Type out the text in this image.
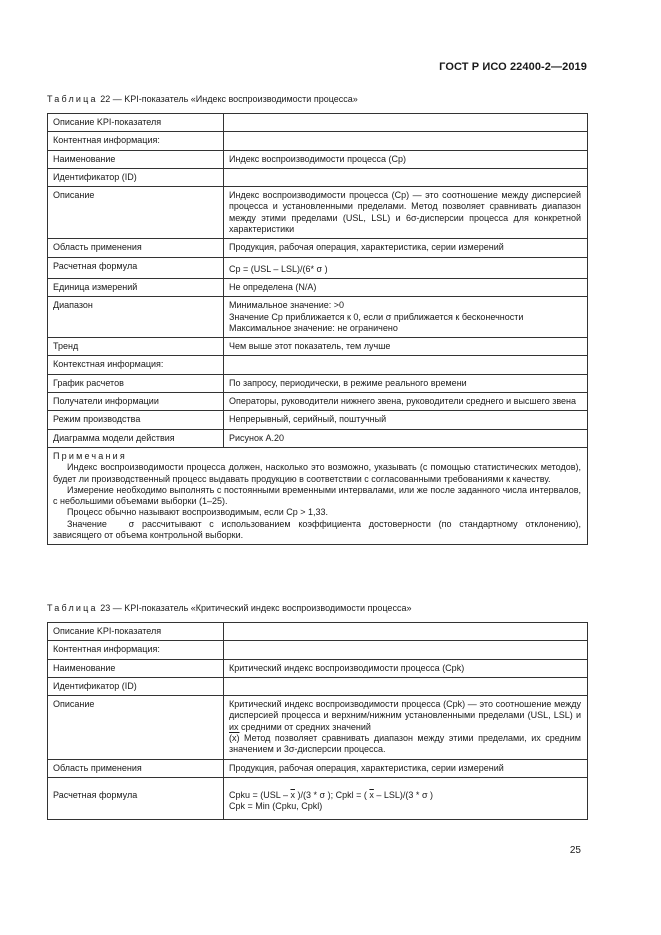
ГОСТ Р ИСО 22400-2—2019
Таблица 22 — KPI-показатель «Индекс воспроизводимости процесса»
Описание KPI-показателя	
Контентная информация:	
Наименование	Индекс воспроизводимости процесса (Cp)
Идентификатор (ID)	
Описание	Индекс воспроизводимости процесса (Cp) — это соотношение между дисперсией процесса и установленными пределами. Метод позволяет сравнивать диапазон между этими пределами (USL, LSL) и 6σ-дисперсии процесса для конкретной характеристики
Область применения	Продукция, рабочая операция, характеристика, серии измерений
Расчетная формула	Cp = (USL – LSL)/(6* σ )
Единица измерений	Не определена (N/A)
Диапазон	Минимальное значение: >0
Значение Cp приближается к 0, если σ приближается к бесконечности
Максимальное значение: не ограничено

Тренд	Чем выше этот показатель, тем лучше
Контекстная информация:	
График расчетов	По запросу, периодически, в режиме реального времени
Получатели информации	Операторы, руководители нижнего звена, руководители среднего и высшего звена
Режим производства	Непрерывный, серийный, поштучный
Диаграмма модели действия	Рисунок А.20

Примечания

Индекс воспроизводимости процесса должен, насколько это возможно, указывать (с помощью статистических методов), будет ли производственный процесс выдавать продукцию в соответствии с согласованными требованиями к качеству.

Измерение необходимо выполнять с постоянными временными интервалами, или же после заданного числа интервалов, с небольшими объемами выборки (1–25).

Процесс обычно называют воспроизводимым, если Cp > 1,33.

Значение σ рассчитывают с использованием коэффициента достоверности (по стандартному отклонению), зависящего от объема контрольной выборки.	

Таблица 23 — KPI-показатель «Критический индекс воспроизводимости процесса»
Описание KPI-показателя	
Контентная информация:	
Наименование	Критический индекс воспроизводимости процесса (Cpk)
Идентификатор (ID)	
Описание	Критический индекс воспроизводимости процесса (Cpk) — это соотношение между дисперсией процесса и верхним/нижним установленными пределами (USL, LSL) и их средними от средних значений
(x) Метод позволяет сравнивать диапазон между этими пределами, их средним значением и 3σ-дисперсии процесса.

Область применения	Продукция, рабочая операция, характеристика, серии измерений
Расчетная формула	Cpku = ($USL - \overline{x}$ )/(3 * σ ); Cpkl = ( $\overline{x} - LSL)/(3$ * σ )
Cpk = Min (Cpku, Cpkl)
25
